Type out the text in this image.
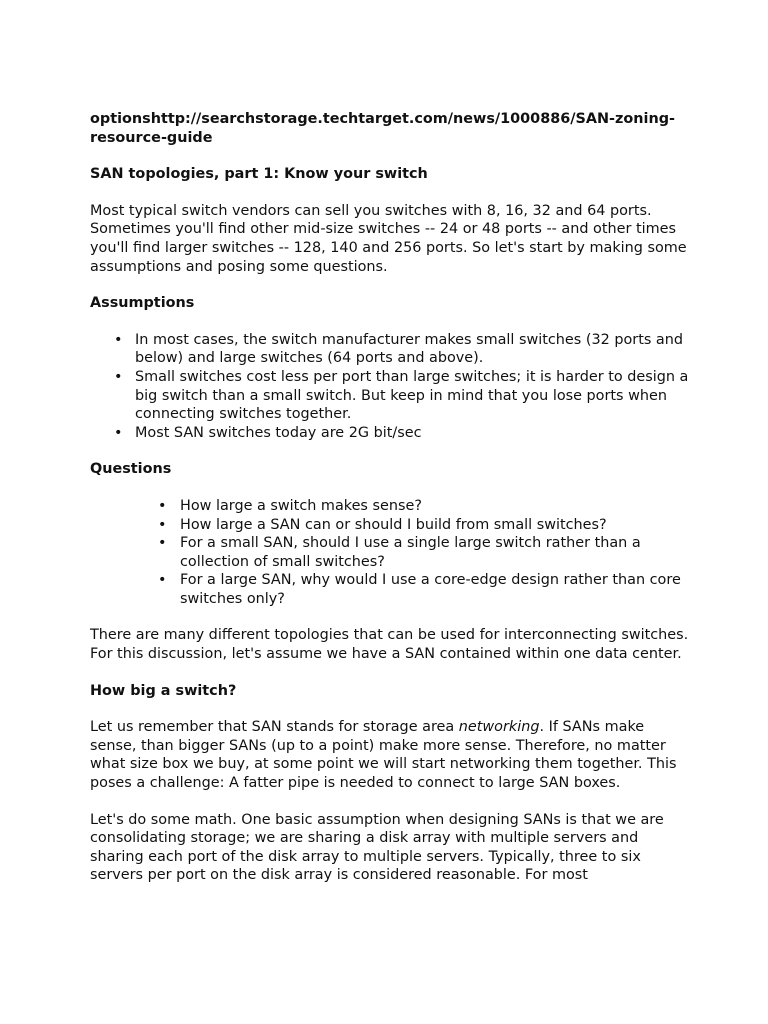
optionshttp://searchstorage.techtarget.com/news/1000886/SAN-zoning-resource-guide
SAN topologies, part 1: Know your switch

Most typical switch vendors can sell you switches with 8, 16, 32 and 64 ports. Sometimes you'll find other mid-size switches -- 24 or 48 ports -- and other times you'll find larger switches -- 128, 140 and 256 ports. So let's start by making some assumptions and posing some questions.

Assumptions
• In most cases, the switch manufacturer makes small switches (32 ports and below) and large switches (64 ports and above).
• Small switches cost less per port than large switches; it is harder to design a big switch than a small switch. But keep in mind that you lose ports when connecting switches together.
• Most SAN switches today are 2G bit/sec
Questions
• How large a switch makes sense?
• How large a SAN can or should I build from small switches?
• For a small SAN, should I use a single large switch rather than a collection of small switches?
• For a large SAN, why would I use a core-edge design rather than core switches only?

There are many different topologies that can be used for interconnecting switches. For this discussion, let's assume we have a SAN contained within one data center.

How big a switch?

Let us remember that SAN stands for storage area networking. If SANs make sense, than bigger SANs (up to a point) make more sense. Therefore, no matter what size box we buy, at some point we will start networking them together. This poses a challenge: A fatter pipe is needed to connect to large SAN boxes.

Let's do some math. One basic assumption when designing SANs is that we are consolidating storage; we are sharing a disk array with multiple servers and sharing each port of the disk array to multiple servers. Typically, three to six servers per port on the disk array is considered reasonable. For most
